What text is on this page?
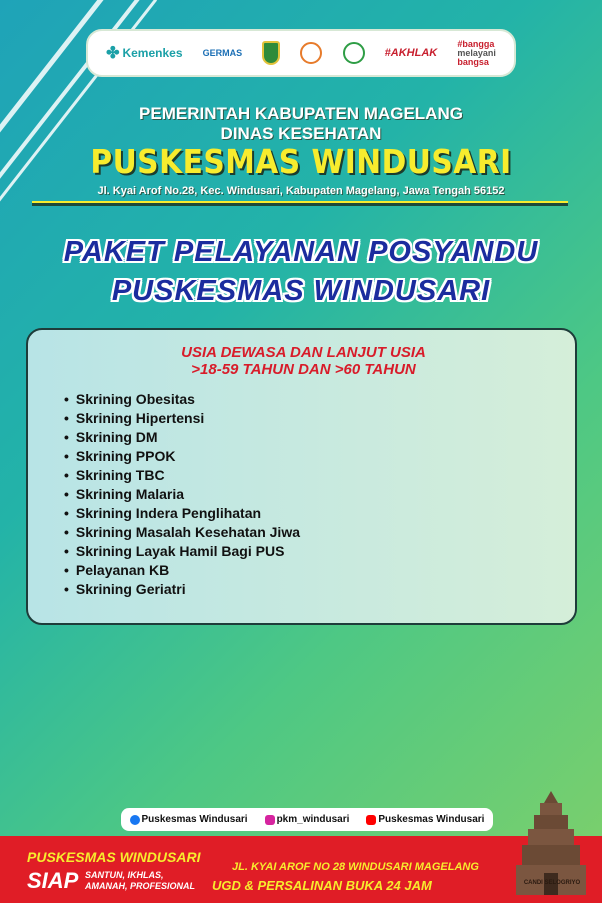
✤ Kemenkes GERMAS	#AKHLAK
#bangga
melayani
bangsa
PEMERINTAH KABUPATEN MAGELANG
DINAS KESEHATAN
PUSKESMAS WINDUSARI
Jl. Kyai Arof No.28, Kec. Windusari, Kabupaten Magelang, Jawa Tengah 56152
PAKET PELAYANAN POSYANDU
PUSKESMAS WINDUSARI
USIA DEWASA DAN LANJUT USIA
>18-59 TAHUN DAN >60 TAHUN
• Skrining Obesitas
• Skrining Hipertensi
• Skrining DM
• Skrining PPOK
• Skrining TBC
• Skrining Malaria
• Skrining Indera Penglihatan
• Skrining Masalah Kesehatan Jiwa
• Skrining Layak Hamil Bagi PUS
• Pelayanan KB
• Skrining Geriatri
Puskesmas Windusari	pkm_windusari	Puskesmas Windusari
PUSKESMAS WINDUSARI
SIAP SANTUN, IKHLAS,
AMANAH, PROFESIONAL
JL. KYAI AROF NO 28 WINDUSARI MAGELANG
UGD & PERSALINAN BUKA 24 JAM	CANDI SELOGRIYO
